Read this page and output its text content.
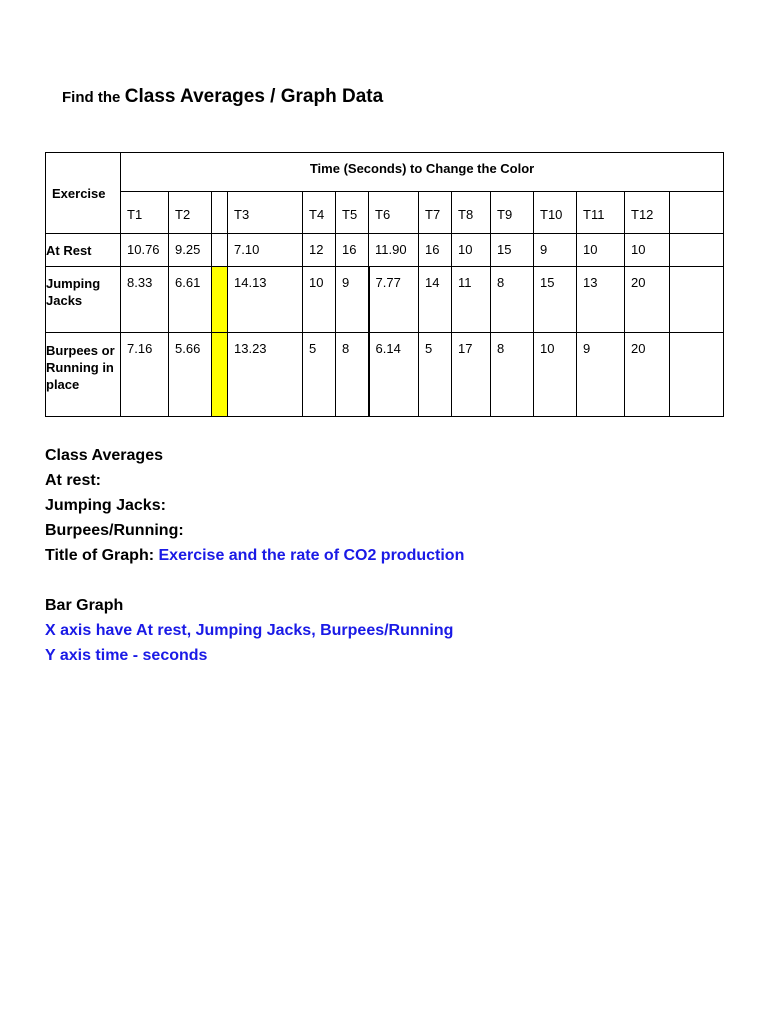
Find the Class Averages / Graph Data
Exercise	Time (Seconds) to Change the Color													
	T1	T2		T3	T4	T5	T6	T7	T8	T9	T10	T11	T12	
At Rest	10.76	9.25		7.10	12	16	11.90	16	10	15	9	10	10	
Jumping Jacks	8.33	6.61		14.13	10	9	7.77	14	11	8	15	13	20	
Burpees or Running in place	7.16	5.66		13.23	5	8	6.14	5	17	8	10	9	20	
Class Averages
At rest:
Jumping Jacks:
Burpees/Running:
Title of Graph: Exercise and the rate of CO2 production
Bar Graph
X axis have At rest, Jumping Jacks, Burpees/Running
Y axis time - seconds
